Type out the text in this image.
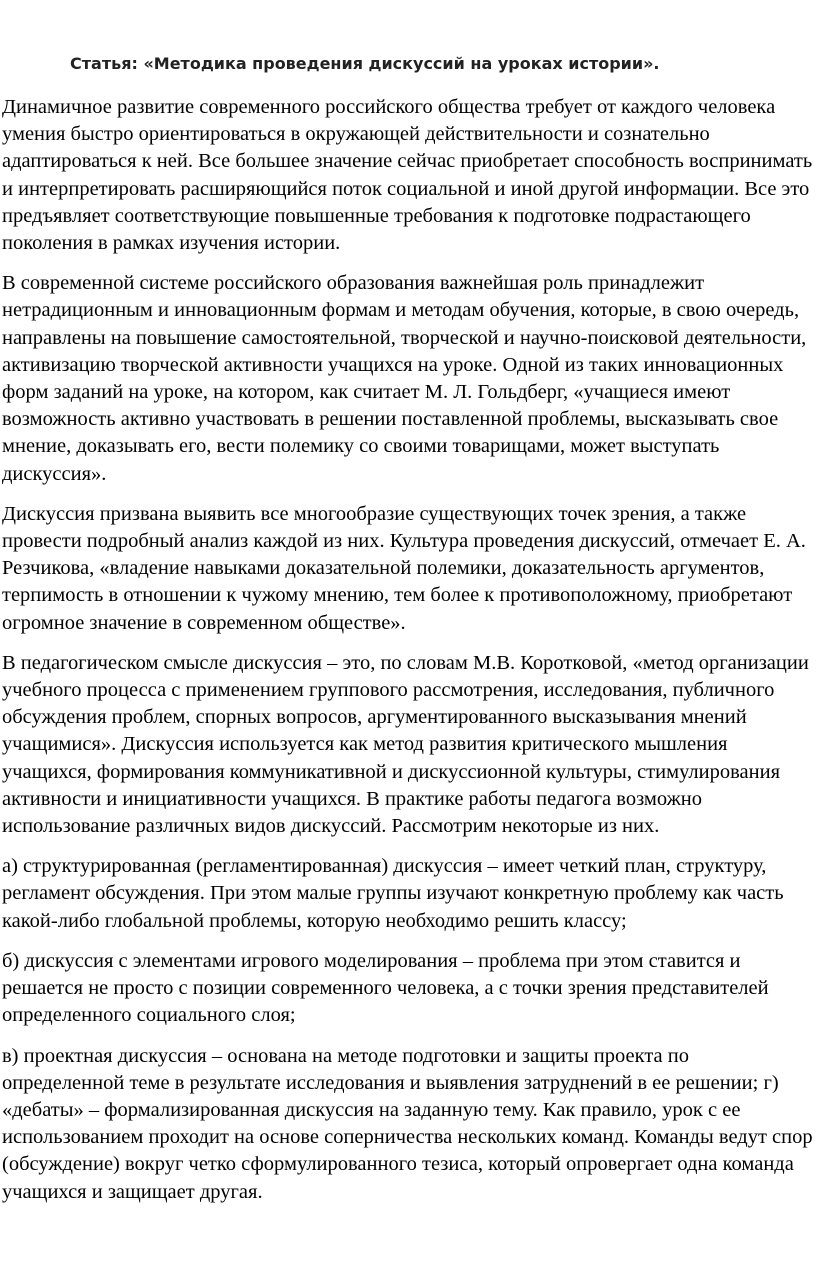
Статья: «Методика проведения дискуссий на уроках истории».

Динамичное развитие современного российского общества требует от каждого человека умения быстро ориентироваться в окружающей действительности и сознательно адаптироваться к ней. Все большее значение сейчас приобретает способность воспринимать и интерпретировать расширяющийся поток социальной и иной другой информации. Все это предъявляет соответствующие повышенные требования к подготовке подрастающего поколения в рамках изучения истории.

В современной системе российского образования важнейшая роль принадлежит нетрадиционным и инновационным формам и методам обучения, которые, в свою очередь, направлены на повышение самостоятельной, творческой и научно-поисковой деятельности, активизацию творческой активности учащихся на уроке. Одной из таких инновационных форм заданий на уроке, на котором, как считает М. Л. Гольдберг, «учащиеся имеют возможность активно участвовать в решении поставленной проблемы, высказывать свое мнение, доказывать его, вести полемику со своими товарищами, может выступать дискуссия».

Дискуссия призвана выявить все многообразие существующих точек зрения, а также провести подробный анализ каждой из них. Культура проведения дискуссий, отмечает Е. А. Резчикова, «владение навыками доказательной полемики, доказательность аргументов, терпимость в отношении к чужому мнению, тем более к противоположному, приобретают огромное значение в современном обществе».

В педагогическом смысле дискуссия – это, по словам М.В. Коротковой, «метод организации учебного процесса с применением группового рассмотрения, исследования, публичного обсуждения проблем, спорных вопросов, аргументированного высказывания мнений учащимися». Дискуссия используется как метод развития критического мышления учащихся, формирования коммуникативной и дискуссионной культуры, стимулирования активности и инициативности учащихся. В практике работы педагога возможно использование различных видов дискуссий. Рассмотрим некоторые из них.

а) структурированная (регламентированная) дискуссия – имеет четкий план, структуру, регламент обсуждения. При этом малые группы изучают конкретную проблему как часть какой-либо глобальной проблемы, которую необходимо решить классу;

б) дискуссия с элементами игрового моделирования – проблема при этом ставится и решается не просто с позиции современного человека, а с точки зрения представителей определенного социального слоя;

в) проектная дискуссия – основана на методе подготовки и защиты проекта по определенной теме в результате исследования и выявления затруднений в ее решении; г) «дебаты» – формализированная дискуссия на заданную тему. Как правило, урок с ее использованием проходит на основе соперничества нескольких команд. Команды ведут спор (обсуждение) вокруг четко сформулированного тезиса, который опровергает одна команда учащихся и защищает другая.
